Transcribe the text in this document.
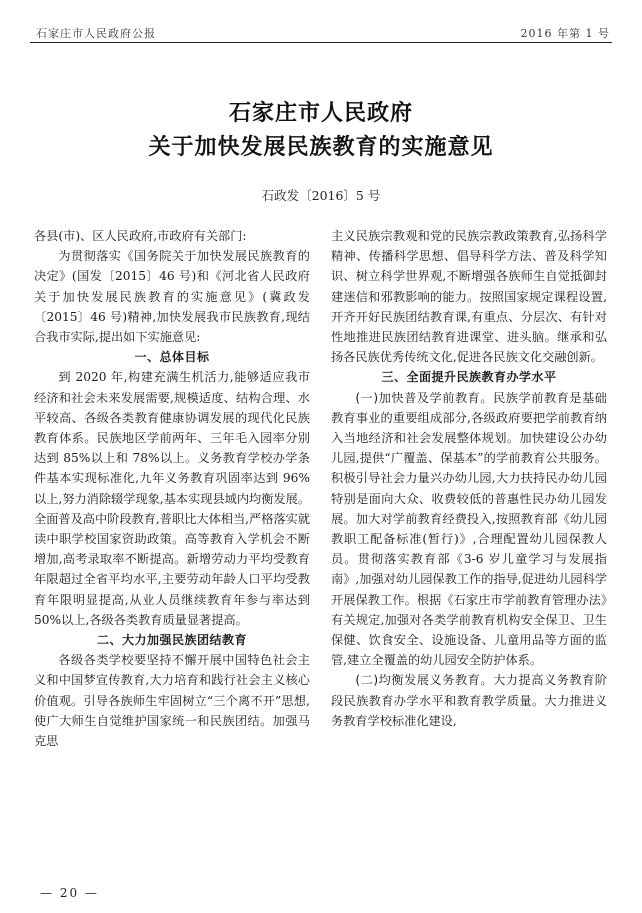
石家庄市人民政府公报	2016 年第 1 号
石家庄市人民政府
关于加快发展民族教育的实施意见
石政发〔2016〕5 号

各县(市)、区人民政府,市政府有关部门:

为贯彻落实《国务院关于加快发展民族教育的决定》(国发〔2015〕46 号)和《河北省人民政府关于加快发展民族教育的实施意见》(冀政发〔2015〕46 号)精神,加快发展我市民族教育,现结合我市实际,提出如下实施意见:

一、总体目标

到 2020 年,构建充满生机活力,能够适应我市经济和社会未来发展需要,规模适度、结构合理、水平较高、各级各类教育健康协调发展的现代化民族教育体系。民族地区学前两年、三年毛入园率分别达到 85%以上和 78%以上。义务教育学校办学条件基本实现标准化,九年义务教育巩固率达到 96%以上,努力消除辍学现象,基本实现县域内均衡发展。全面普及高中阶段教育,普职比大体相当,严格落实就读中职学校国家资助政策。高等教育入学机会不断增加,高考录取率不断提高。新增劳动力平均受教育年限超过全省平均水平,主要劳动年龄人口平均受教育年限明显提高,从业人员继续教育年参与率达到 50%以上,各级各类教育质量显著提高。

二、大力加强民族团结教育

各级各类学校要坚持不懈开展中国特色社会主义和中国梦宣传教育,大力培育和践行社会主义核心价值观。引导各族师生牢固树立“三个离不开”思想,使广大师生自觉维护国家统一和民族团结。加强马克思

主义民族宗教观和党的民族宗教政策教育,弘扬科学精神、传播科学思想、倡导科学方法、普及科学知识、树立科学世界观,不断增强各族师生自觉抵御封建迷信和邪教影响的能力。按照国家规定课程设置,开齐开好民族团结教育课,有重点、分层次、有针对性地推进民族团结教育进课堂、进头脑。继承和弘扬各民族优秀传统文化,促进各民族文化交融创新。

三、全面提升民族教育办学水平

(一)加快普及学前教育。民族学前教育是基础教育事业的重要组成部分,各级政府要把学前教育纳入当地经济和社会发展整体规划。加快建设公办幼儿园,提供“广覆盖、保基本”的学前教育公共服务。积极引导社会力量兴办幼儿园,大力扶持民办幼儿园特别是面向大众、收费较低的普惠性民办幼儿园发展。加大对学前教育经费投入,按照教育部《幼儿园教职工配备标准(暂行)》,合理配置幼儿园保教人员。贯彻落实教育部《3-6 岁儿童学习与发展指南》,加强对幼儿园保教工作的指导,促进幼儿园科学开展保教工作。根据《石家庄市学前教育管理办法》有关规定,加强对各类学前教育机构安全保卫、卫生保健、饮食安全、设施设备、儿童用品等方面的监管,建立全覆盖的幼儿园安全防护体系。

(二)均衡发展义务教育。大力提高义务教育阶段民族教育办学水平和教育教学质量。大力推进义务教育学校标准化建设,

— 20 —
